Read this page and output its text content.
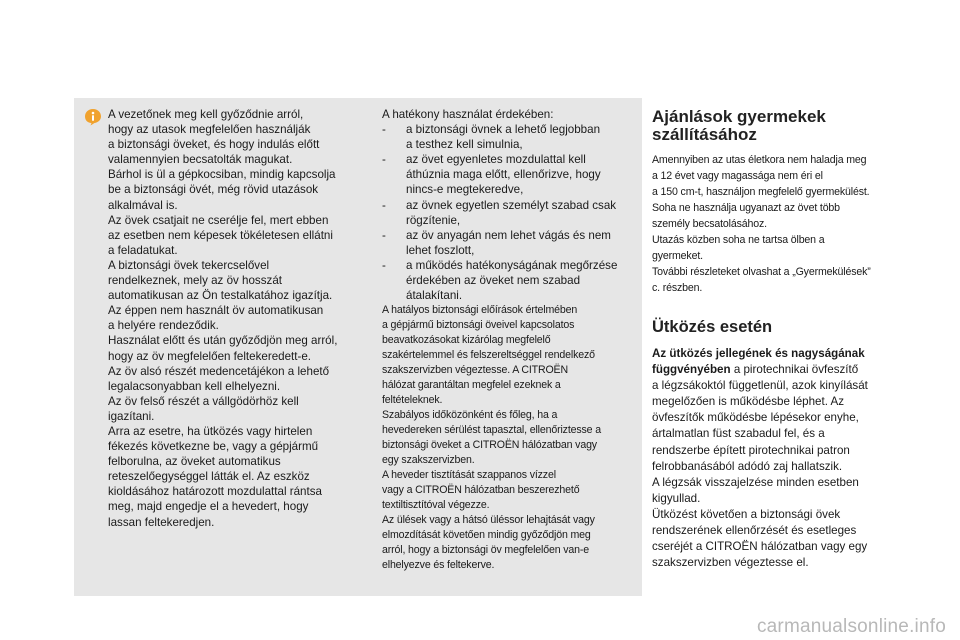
A vezetőnek meg kell győződnie arról,
hogy az utasok megfelelően használják
a biztonsági öveket, és hogy indulás előtt
valamennyien becsatolták magukat.
Bárhol is ül a gépkocsiban, mindig kapcsolja
be a biztonsági övét, még rövid utazások
alkalmával is.
Az övek csatjait ne cserélje fel, mert ebben
az esetben nem képesek tökéletesen ellátni
a feladatukat.
A biztonsági övek tekercselővel
rendelkeznek, mely az öv hosszát
automatikusan az Ön testalkatához igazítja.
Az éppen nem használt öv automatikusan
a helyére rendeződik.
Használat előtt és után győződjön meg arról,
hogy az öv megfelelően feltekeredett-e.
Az öv alsó részét medencetájékon a lehető
legalacsonyabban kell elhelyezni.
Az öv felső részét a vállgödörhöz kell
igazítani.
Arra az esetre, ha ütközés vagy hirtelen
fékezés következne be, vagy a gépjármű
felborulna, az öveket automatikus
reteszelőegységgel látták el. Az eszköz
kioldásához határozott mozdulattal rántsa
meg, majd engedje el a hevedert, hogy
lassan feltekeredjen.
A hatékony használat érdekében:
- a biztonsági övnek a lehető legjobban
a testhez kell simulnia,
- az övet egyenletes mozdulattal kell
áthúznia maga előtt, ellenőrizve, hogy
nincs-e megtekeredve,
- az övnek egyetlen személyt szabad csak
rögzítenie,
- az öv anyagán nem lehet vágás és nem
lehet foszlott,
- a működés hatékonyságának megőrzése
érdekében az öveket nem szabad
átalakítani.
A hatályos biztonsági előírások értelmében
a gépjármű biztonsági öveivel kapcsolatos
beavatkozásokat kizárólag megfelelő
szakértelemmel és felszereltséggel rendelkező
szakszervizben végeztesse. A CITROËN
hálózat garantáltan megfelel ezeknek a
feltételeknek.
Szabályos időközönként és főleg, ha a
hevedereken sérülést tapasztal, ellenőriztesse a
biztonsági öveket a CITROËN hálózatban vagy
egy szakszervizben.
A heveder tisztítását szappanos vízzel
vagy a CITROËN hálózatban beszerezhető
textiltisztítóval végezze.
Az ülések vagy a hátsó üléssor lehajtását vagy
elmozdítását követően mindig győződjön meg
arról, hogy a biztonsági öv megfelelően van-e
elhelyezve és feltekerve.
Ajánlások gyermekek
szállításához
Amennyiben az utas életkora nem haladja meg
a 12 évet vagy magassága nem éri el
a 150 cm-t, használjon megfelelő gyermekülést.
Soha ne használja ugyanazt az övet több
személy becsatolásához.
Utazás közben soha ne tartsa ölben a
gyermeket.
További részleteket olvashat a „Gyermekülések”
c. részben.
Ütközés esetén
Az ütközés jellegének és nagyságának
függvényében a pirotechnikai övfeszítő
a légzsákoktól függetlenül, azok kinyílását
megelőzően is működésbe léphet. Az
övfeszítők működésbe lépésekor enyhe,
ártalmatlan füst szabadul fel, és a
rendszerbe épített pirotechnikai patron
felrobbanásából adódó zaj hallatszik.
A légzsák visszajelzése minden esetben
kigyullad.
Ütközést követően a biztonsági övek
rendszerének ellenőrzését és esetleges
cseréjét a CITROËN hálózatban vagy egy
szakszervizben végeztesse el.
carmanualsonline.info
